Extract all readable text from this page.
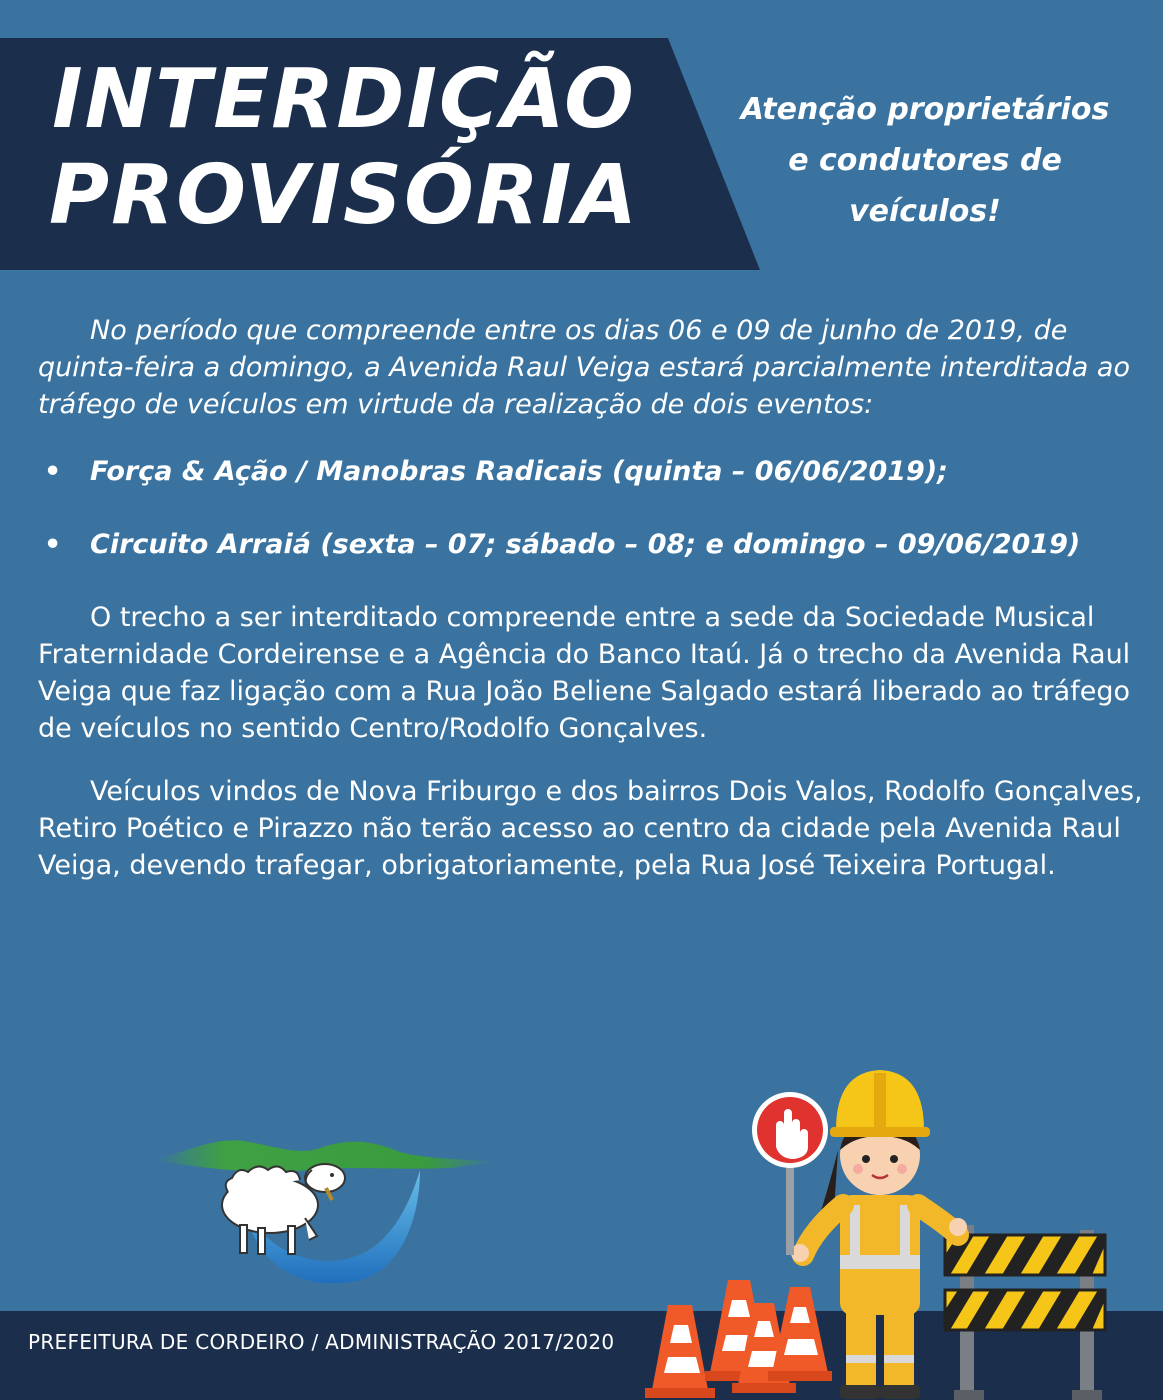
INTERDIÇÃO
PROVISÓRIA
Atenção proprietários
e condutores de
veículos!

No período que compreende entre os dias 06 e 09 de junho de 2019, de quinta-feira a domingo, a Avenida Raul Veiga estará parcialmente interditada ao tráfego de veículos em virtude da realização de dois eventos:

• Força & Ação / Manobras Radicais (quinta – 06/06/2019);
• Circuito Arraiá (sexta – 07; sábado – 08; e domingo – 09/06/2019)

O trecho a ser interditado compreende entre a sede da Sociedade Musical Fraternidade Cordeirense e a Agência do Banco Itaú. Já o trecho da Avenida Raul Veiga que faz ligação com a Rua João Beliene Salgado estará liberado ao tráfego de veículos no sentido Centro/Rodolfo Gonçalves.

Veículos vindos de Nova Friburgo e dos bairros Dois Valos, Rodolfo Gonçalves, Retiro Poético e Pirazzo não terão acesso ao centro da cidade pela Avenida Raul Veiga, devendo trafegar, obrigatoriamente, pela Rua José Teixeira Portugal.

PREFEITURA DE CORDEIRO / ADMINISTRAÇÃO 2017/2020
